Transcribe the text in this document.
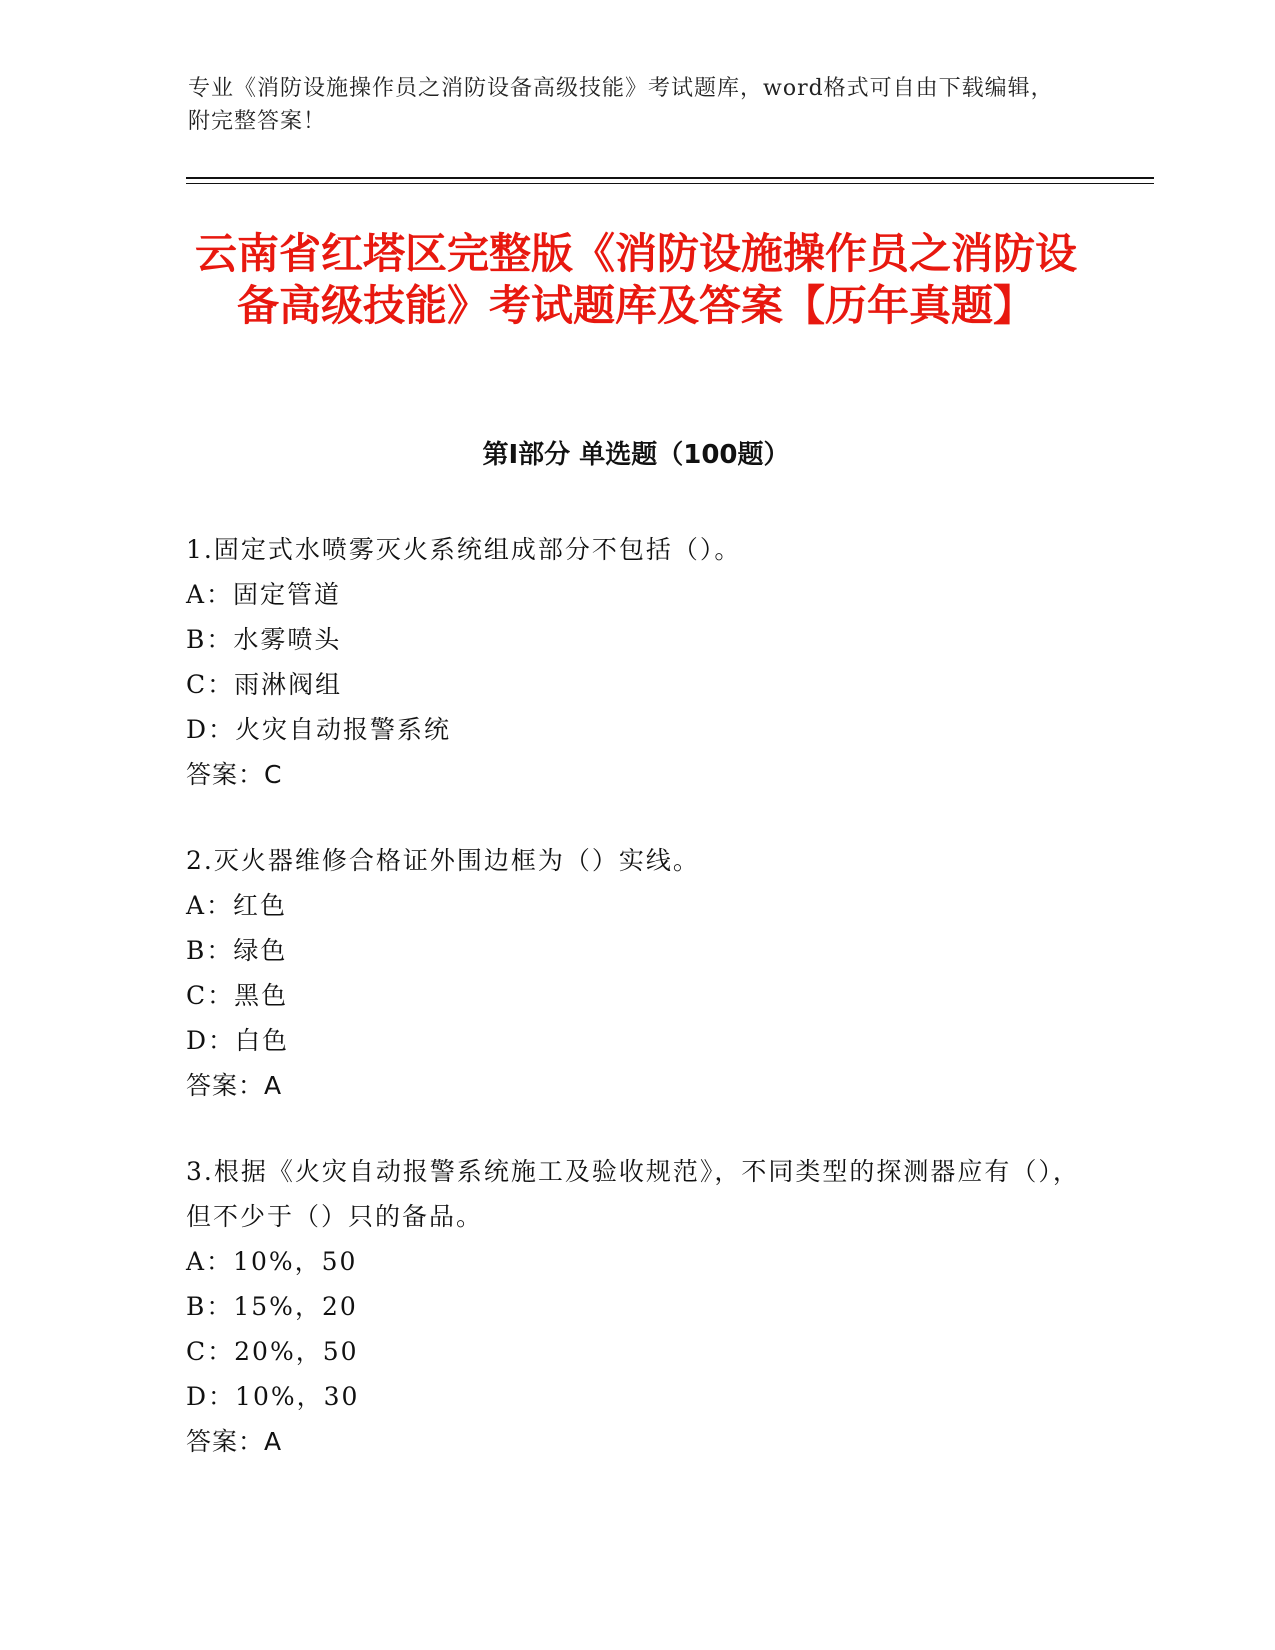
专业《消防设施操作员之消防设备高级技能》考试题库，word格式可自由下载编辑，附完整答案！
云南省红塔区完整版《消防设施操作员之消防设备高级技能》考试题库及答案【历年真题】
第Ⅰ部分 单选题（100题）
1.固定式水喷雾灭火系统组成部分不包括（）。
A：固定管道
B：水雾喷头
C：雨淋阀组
D：火灾自动报警系统
答案：C
2.灭火器维修合格证外围边框为（）实线。
A：红色
B：绿色
C：黑色
D：白色
答案：A
3.根据《火灾自动报警系统施工及验收规范》，不同类型的探测器应有（），但不少于（）只的备品。
A：10%，50
B：15%，20
C：20%，50
D：10%，30
答案：A
